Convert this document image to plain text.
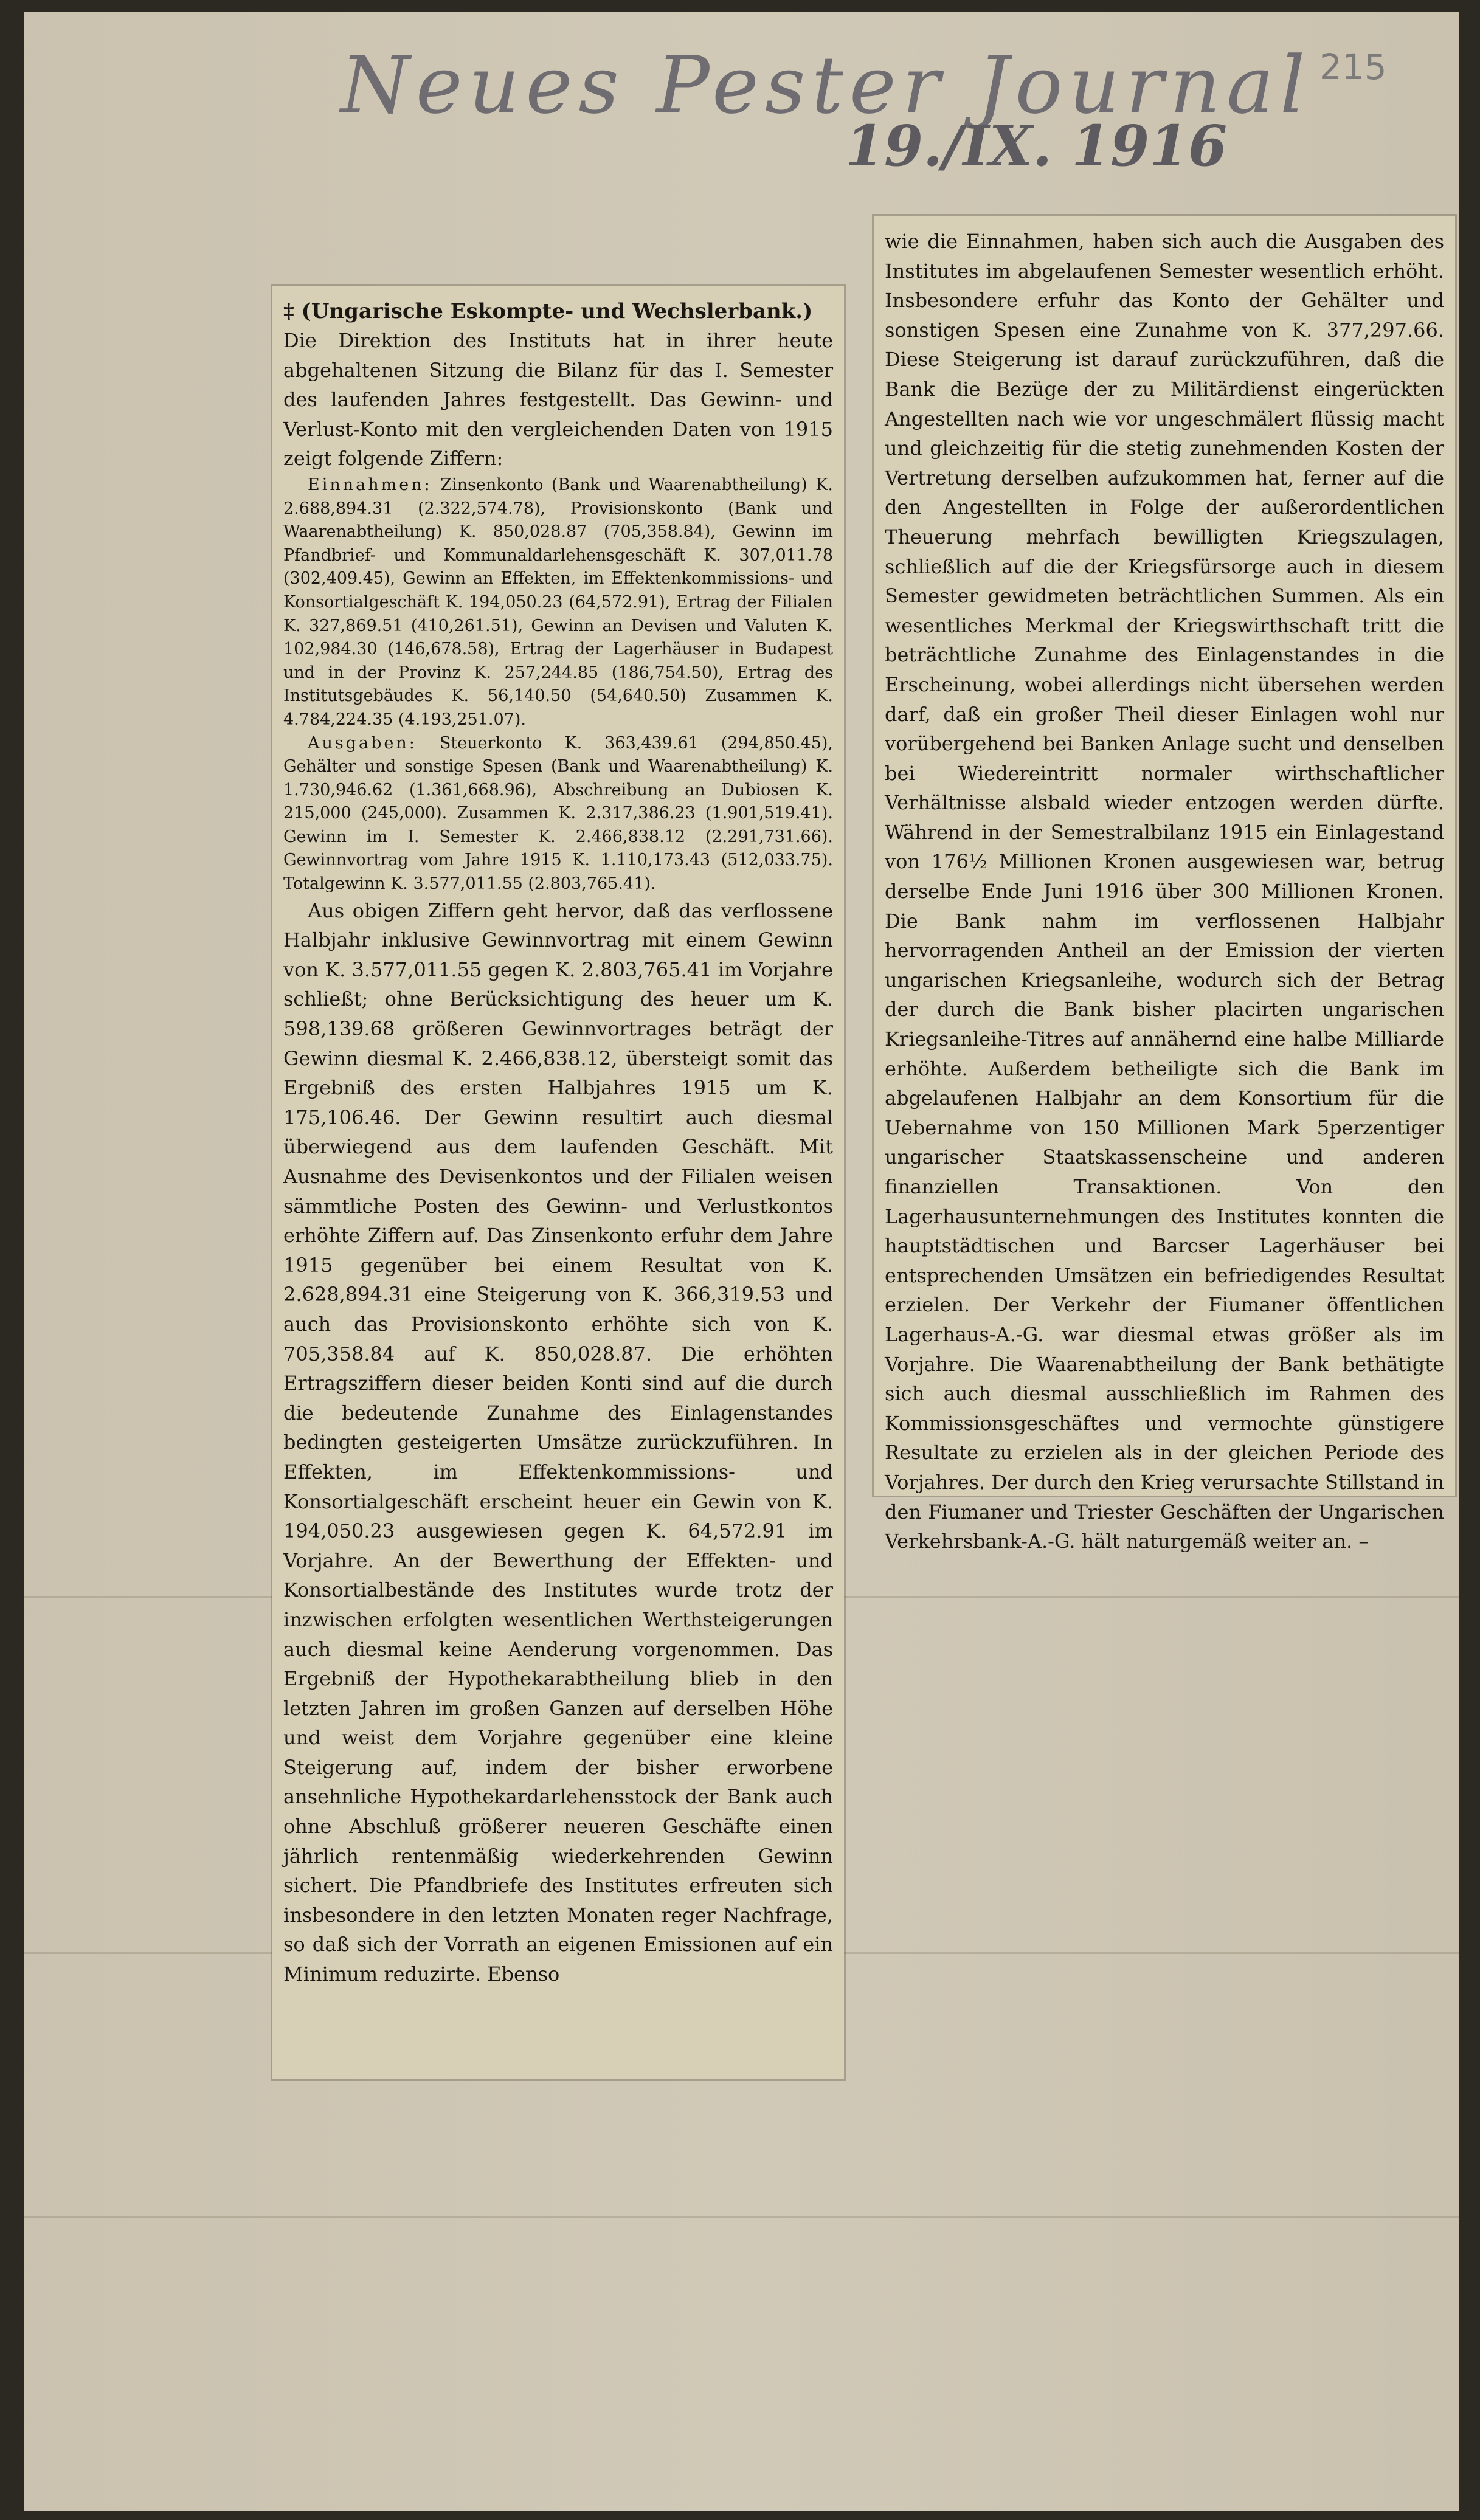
Neues Pester Journal
19./IX. 1916
215

‡ (Ungarische Eskompte- und Wechslerbank.)

Die Direktion des Instituts hat in ihrer heute abgehaltenen Sitzung die Bilanz für das I. Semester des laufenden Jahres festgestellt. Das Gewinn- und Verlust-Konto mit den vergleichenden Daten von 1915 zeigt folgende Ziffern:

Einnahmen: Zinsenkonto (Bank und Waarenabtheilung) K. 2.688,894.31 (2.322,574.78), Provisionskonto (Bank und Waarenabtheilung) K. 850,028.87 (705,358.84), Gewinn im Pfandbrief- und Kommunaldarlehensgeschäft K. 307,011.78 (302,409.45), Gewinn an Effekten, im Effektenkommissions- und Konsortialgeschäft K. 194,050.23 (64,572.91), Ertrag der Filialen K. 327,869.51 (410,261.51), Gewinn an Devisen und Valuten K. 102,984.30 (146,678.58), Ertrag der Lagerhäuser in Budapest und in der Provinz K. 257,244.85 (186,754.50), Ertrag des Institutsgebäudes K. 56,140.50 (54,640.50) Zusammen K. 4.784,224.35 (4.193,251.07).

Ausgaben: Steuerkonto K. 363,439.61 (294,850.45), Gehälter und sonstige Spesen (Bank und Waarenabtheilung) K. 1.730,946.62 (1.361,668.96), Abschreibung an Dubiosen K. 215,000 (245,000). Zusammen K. 2.317,386.23 (1.901,519.41). Gewinn im I. Semester K. 2.466,838.12 (2.291,731.66). Gewinnvortrag vom Jahre 1915 K. 1.110,173.43 (512,033.75). Totalgewinn K. 3.577,011.55 (2.803,765.41).

Aus obigen Ziffern geht hervor, daß das verflossene Halbjahr inklusive Gewinnvortrag mit einem Gewinn von K. 3.577,011.55 gegen K. 2.803,765.41 im Vorjahre schließt; ohne Berücksichtigung des heuer um K. 598,139.68 größeren Gewinnvortrages beträgt der Gewinn diesmal K. 2.466,838.12, übersteigt somit das Ergebniß des ersten Halbjahres 1915 um K. 175,106.46. Der Gewinn resultirt auch diesmal überwiegend aus dem laufenden Geschäft. Mit Ausnahme des Devisenkontos und der Filialen weisen sämmtliche Posten des Gewinn- und Verlustkontos erhöhte Ziffern auf. Das Zinsenkonto erfuhr dem Jahre 1915 gegenüber bei einem Resultat von K. 2.628,894.31 eine Steigerung von K. 366,319.53 und auch das Provisionskonto erhöhte sich von K. 705,358.84 auf K. 850,028.87. Die erhöhten Ertragsziffern dieser beiden Konti sind auf die durch die bedeutende Zunahme des Einlagenstandes bedingten gesteigerten Umsätze zurückzuführen. In Effekten, im Effektenkommissions- und Konsortialgeschäft erscheint heuer ein Gewin von K. 194,050.23 ausgewiesen gegen K. 64,572.91 im Vorjahre. An der Bewerthung der Effekten- und Konsortialbestände des Institutes wurde trotz der inzwischen erfolgten wesentlichen Werthsteigerungen auch diesmal keine Aenderung vorgenommen. Das Ergebniß der Hypothekarabtheilung blieb in den letzten Jahren im großen Ganzen auf derselben Höhe und weist dem Vorjahre gegenüber eine kleine Steigerung auf, indem der bisher erworbene ansehnliche Hypothekardarlehensstock der Bank auch ohne Abschluß größerer neueren Geschäfte einen jährlich rentenmäßig wiederkehrenden Gewinn sichert. Die Pfandbriefe des Institutes erfreuten sich insbesondere in den letzten Monaten reger Nachfrage, so daß sich der Vorrath an eigenen Emissionen auf ein Minimum reduzirte. Ebenso

wie die Einnahmen, haben sich auch die Ausgaben des Institutes im abgelaufenen Semester wesentlich erhöht. Insbesondere erfuhr das Konto der Gehälter und sonstigen Spesen eine Zunahme von K. 377,297.66. Diese Steigerung ist darauf zurückzuführen, daß die Bank die Bezüge der zu Militärdienst eingerückten Angestellten nach wie vor ungeschmälert flüssig macht und gleichzeitig für die stetig zunehmenden Kosten der Vertretung derselben aufzukommen hat, ferner auf die den Angestellten in Folge der außerordentlichen Theuerung mehrfach bewilligten Kriegszulagen, schließlich auf die der Kriegsfürsorge auch in diesem Semester gewidmeten beträchtlichen Summen. Als ein wesentliches Merkmal der Kriegswirthschaft tritt die beträchtliche Zunahme des Einlagenstandes in die Erscheinung, wobei allerdings nicht übersehen werden darf, daß ein großer Theil dieser Einlagen wohl nur vorübergehend bei Banken Anlage sucht und denselben bei Wiedereintritt normaler wirthschaftlicher Verhältnisse alsbald wieder entzogen werden dürfte. Während in der Semestralbilanz 1915 ein Einlagestand von 176½ Millionen Kronen ausgewiesen war, betrug derselbe Ende Juni 1916 über 300 Millionen Kronen. Die Bank nahm im verflossenen Halbjahr hervorragenden Antheil an der Emission der vierten ungarischen Kriegsanleihe, wodurch sich der Betrag der durch die Bank bisher placirten ungarischen Kriegsanleihe-Titres auf annähernd eine halbe Milliarde erhöhte. Außerdem betheiligte sich die Bank im abgelaufenen Halbjahr an dem Konsortium für die Uebernahme von 150 Millionen Mark 5perzentiger ungarischer Staatskassenscheine und anderen finanziellen Transaktionen. Von den Lagerhausunternehmungen des Institutes konnten die hauptstädtischen und Barcser Lagerhäuser bei entsprechenden Umsätzen ein befriedigendes Resultat erzielen. Der Verkehr der Fiumaner öffentlichen Lagerhaus-A.-G. war diesmal etwas größer als im Vorjahre. Die Waarenabtheilung der Bank bethätigte sich auch diesmal ausschließlich im Rahmen des Kommissionsgeschäftes und vermochte günstigere Resultate zu erzielen als in der gleichen Periode des Vorjahres. Der durch den Krieg verursachte Stillstand in den Fiumaner und Triester Geschäften der Ungarischen Verkehrsbank-A.-G. hält naturgemäß weiter an. –
